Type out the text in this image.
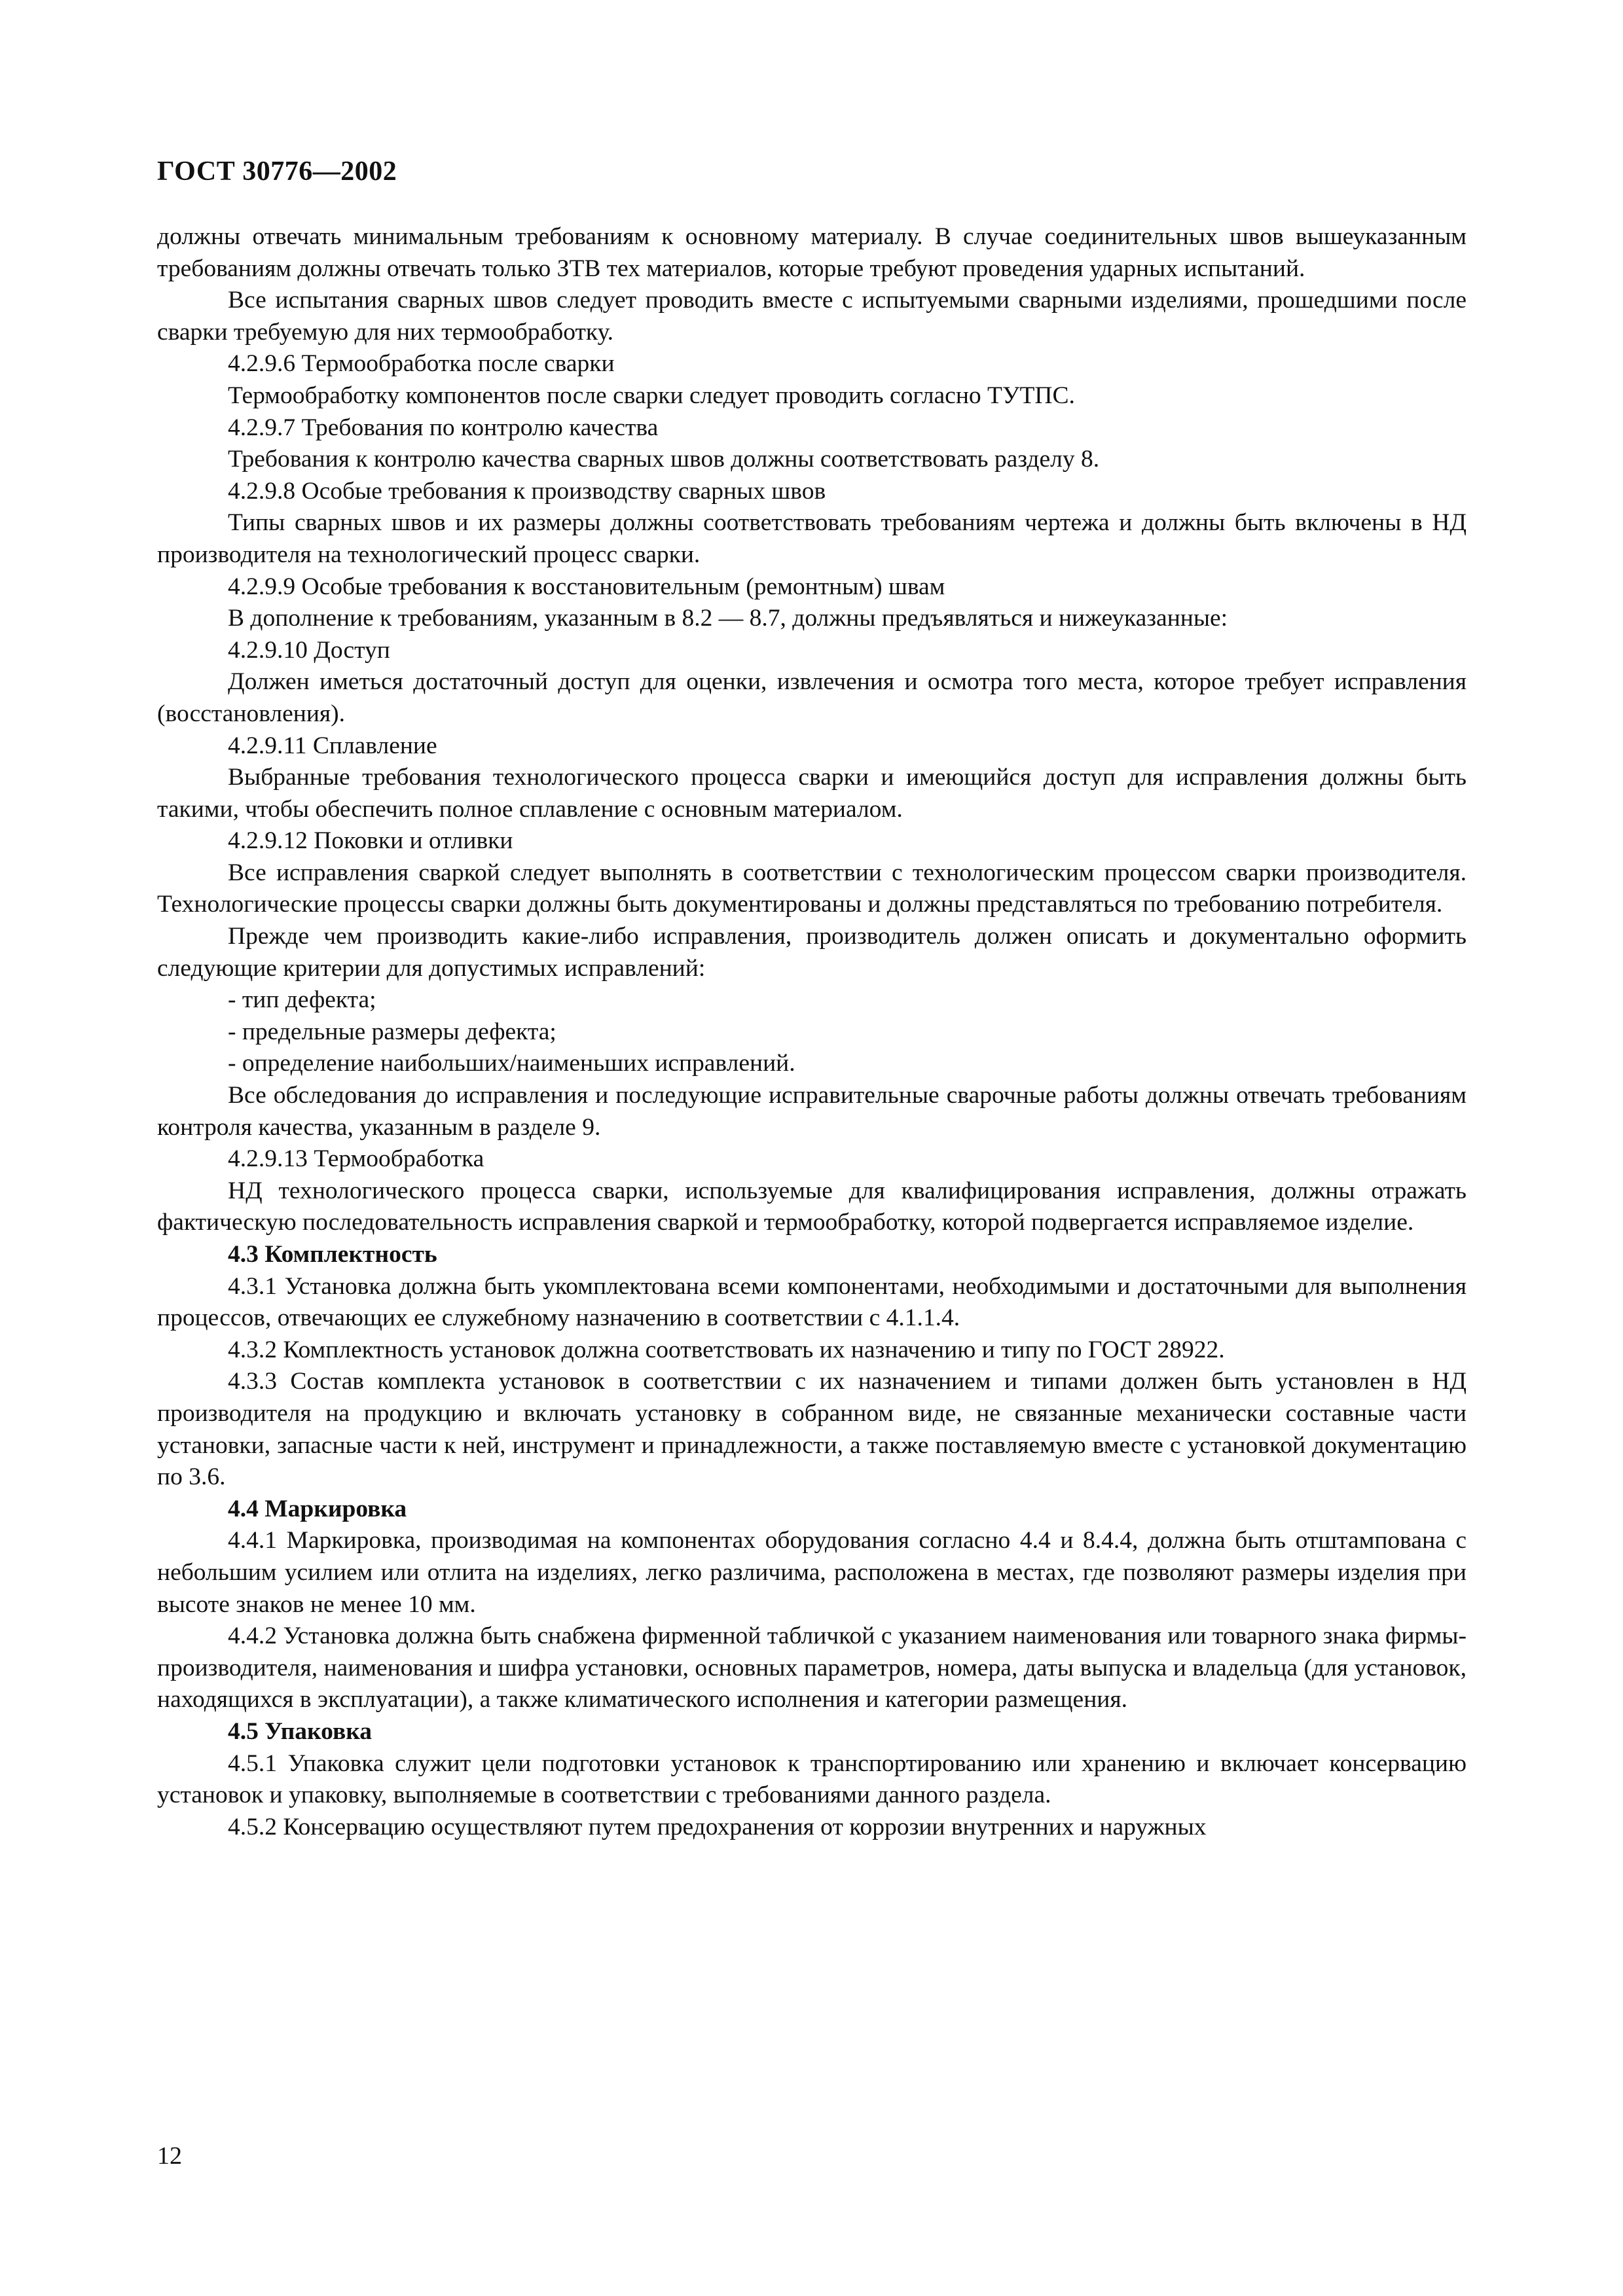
ГОСТ 30776—2002

должны отвечать минимальным требованиям к основному материалу. В случае соединительных швов вышеуказанным требованиям должны отвечать только ЗТВ тех материалов, которые требуют проведения ударных испытаний.

Все испытания сварных швов следует проводить вместе с испытуемыми сварными изделиями, прошедшими после сварки требуемую для них термообработку.

4.2.9.6 Термообработка после сварки

Термообработку компонентов после сварки следует проводить согласно ТУТПС.

4.2.9.7 Требования по контролю качества

Требования к контролю качества сварных швов должны соответствовать разделу 8.

4.2.9.8 Особые требования к производству сварных швов

Типы сварных швов и их размеры должны соответствовать требованиям чертежа и должны быть включены в НД производителя на технологический процесс сварки.

4.2.9.9 Особые требования к восстановительным (ремонтным) швам

В дополнение к требованиям, указанным в 8.2 — 8.7, должны предъявляться и нижеуказанные:

4.2.9.10 Доступ

Должен иметься достаточный доступ для оценки, извлечения и осмотра того места, которое требует исправления (восстановления).

4.2.9.11 Сплавление

Выбранные требования технологического процесса сварки и имеющийся доступ для исправления должны быть такими, чтобы обеспечить полное сплавление с основным материалом.

4.2.9.12 Поковки и отливки

Все исправления сваркой следует выполнять в соответствии с технологическим процессом сварки производителя. Технологические процессы сварки должны быть документированы и должны представляться по требованию потребителя.

Прежде чем производить какие-либо исправления, производитель должен описать и документально оформить следующие критерии для допустимых исправлений:

- тип дефекта;

- предельные размеры дефекта;

- определение наибольших/наименьших исправлений.

Все обследования до исправления и последующие исправительные сварочные работы должны отвечать требованиям контроля качества, указанным в разделе 9.

4.2.9.13 Термообработка

НД технологического процесса сварки, используемые для квалифицирования исправления, должны отражать фактическую последовательность исправления сваркой и термообработку, которой подвергается исправляемое изделие.

4.3 Комплектность

4.3.1 Установка должна быть укомплектована всеми компонентами, необходимыми и достаточными для выполнения процессов, отвечающих ее служебному назначению в соответствии с 4.1.1.4.

4.3.2 Комплектность установок должна соответствовать их назначению и типу по ГОСТ 28922.

4.3.3 Состав комплекта установок в соответствии с их назначением и типами должен быть установлен в НД производителя на продукцию и включать установку в собранном виде, не связанные механически составные части установки, запасные части к ней, инструмент и принадлежности, а также поставляемую вместе с установкой документацию по 3.6.

4.4 Маркировка

4.4.1 Маркировка, производимая на компонентах оборудования согласно 4.4 и 8.4.4, должна быть отштампована с небольшим усилием или отлита на изделиях, легко различима, расположена в местах, где позволяют размеры изделия при высоте знаков не менее 10 мм.

4.4.2 Установка должна быть снабжена фирменной табличкой с указанием наименования или товарного знака фирмы-производителя, наименования и шифра установки, основных параметров, номера, даты выпуска и владельца (для установок, находящихся в эксплуатации), а также климатического исполнения и категории размещения.

4.5 Упаковка

4.5.1 Упаковка служит цели подготовки установок к транспортированию или хранению и включает консервацию установок и упаковку, выполняемые в соответствии с требованиями данного раздела.

4.5.2 Консервацию осуществляют путем предохранения от коррозии внутренних и наружных

12
